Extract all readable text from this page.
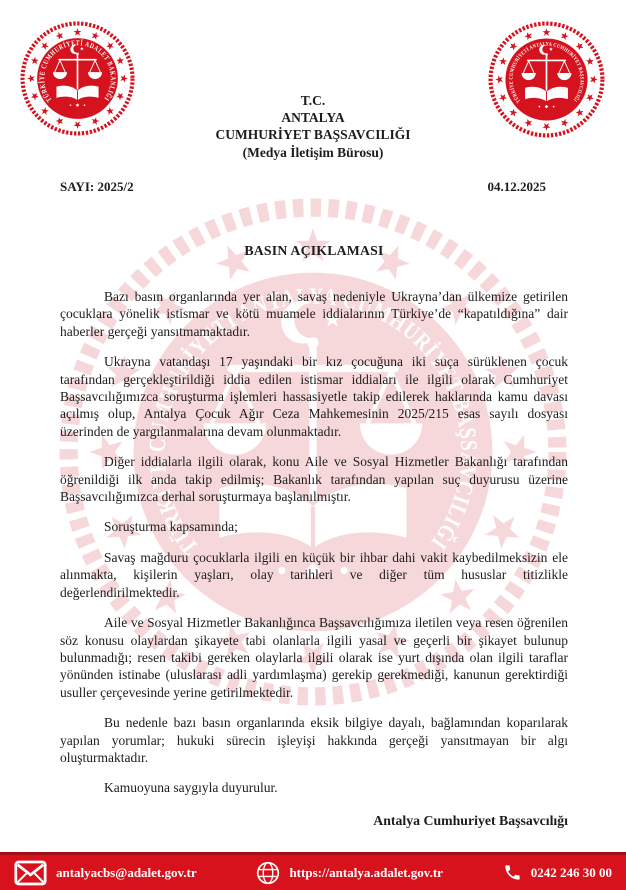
T.C.
ANTALYA
CUMHURİYET BAŞSAVCILIĞI
(Medya İletişim Bürosu)
SAYI: 2025/2	04.12.2025
BASIN AÇIKLAMASI

Bazı basın organlarında yer alan, savaş nedeniyle Ukrayna’dan ülkemize getirilen çocuklara yönelik istismar ve kötü muamele iddialarının Türkiye’de “kapatıldığına” dair haberler gerçeği yansıtmamaktadır.

Ukrayna vatandaşı 17 yaşındaki bir kız çocuğuna iki suça sürüklenen çocuk tarafından gerçekleştirildiği iddia edilen istismar iddiaları ile ilgili olarak Cumhuriyet Başsavcılığımızca soruşturma işlemleri hassasiyetle takip edilerek haklarında kamu davası açılmış olup, Antalya Çocuk Ağır Ceza Mahkemesinin 2025/215 esas sayılı dosyası üzerinden de yargılanmalarına devam olunmaktadır.

Diğer iddialarla ilgili olarak, konu Aile ve Sosyal Hizmetler Bakanlığı tarafından öğrenildiği ilk anda takip edilmiş; Bakanlık tarafından yapılan suç duyurusu üzerine Başsavcılığımızca derhal soruşturmaya başlanılmıştır.

Soruşturma kapsamında;

Savaş mağduru çocuklarla ilgili en küçük bir ihbar dahi vakit kaybedilmeksizin ele alınmakta, kişilerin yaşları, olay tarihleri ve diğer tüm hususlar titizlikle değerlendirilmektedir.

Aile ve Sosyal Hizmetler Bakanlığınca Başsavcılığımıza iletilen veya resen öğrenilen söz konusu olaylardan şikayete tabi olanlarla ilgili yasal ve geçerli bir şikayet bulunup bulunmadığı; resen takibi gereken olaylarla ilgili olarak ise yurt dışında olan ilgili taraflar yönünden istinabe (uluslarası adli yardımlaşma) gerekip gerekmediği, kanunun gerektirdiği usuller çerçevesinde yerine getirilmektedir.

Bu nedenle bazı basın organlarında eksik bilgiye dayalı, bağlamından koparılarak yapılan yorumlar; hukuki sürecin işleyişi hakkında gerçeği yansıtmayan bir algı oluşturmaktadır.

Kamuoyuna saygıyla duyurulur.

Antalya Cumhuriyet Başsavcılığı
antalyacbs@adalet.gov.tr	https://antalya.adalet.gov.tr	0242 246 30 00
